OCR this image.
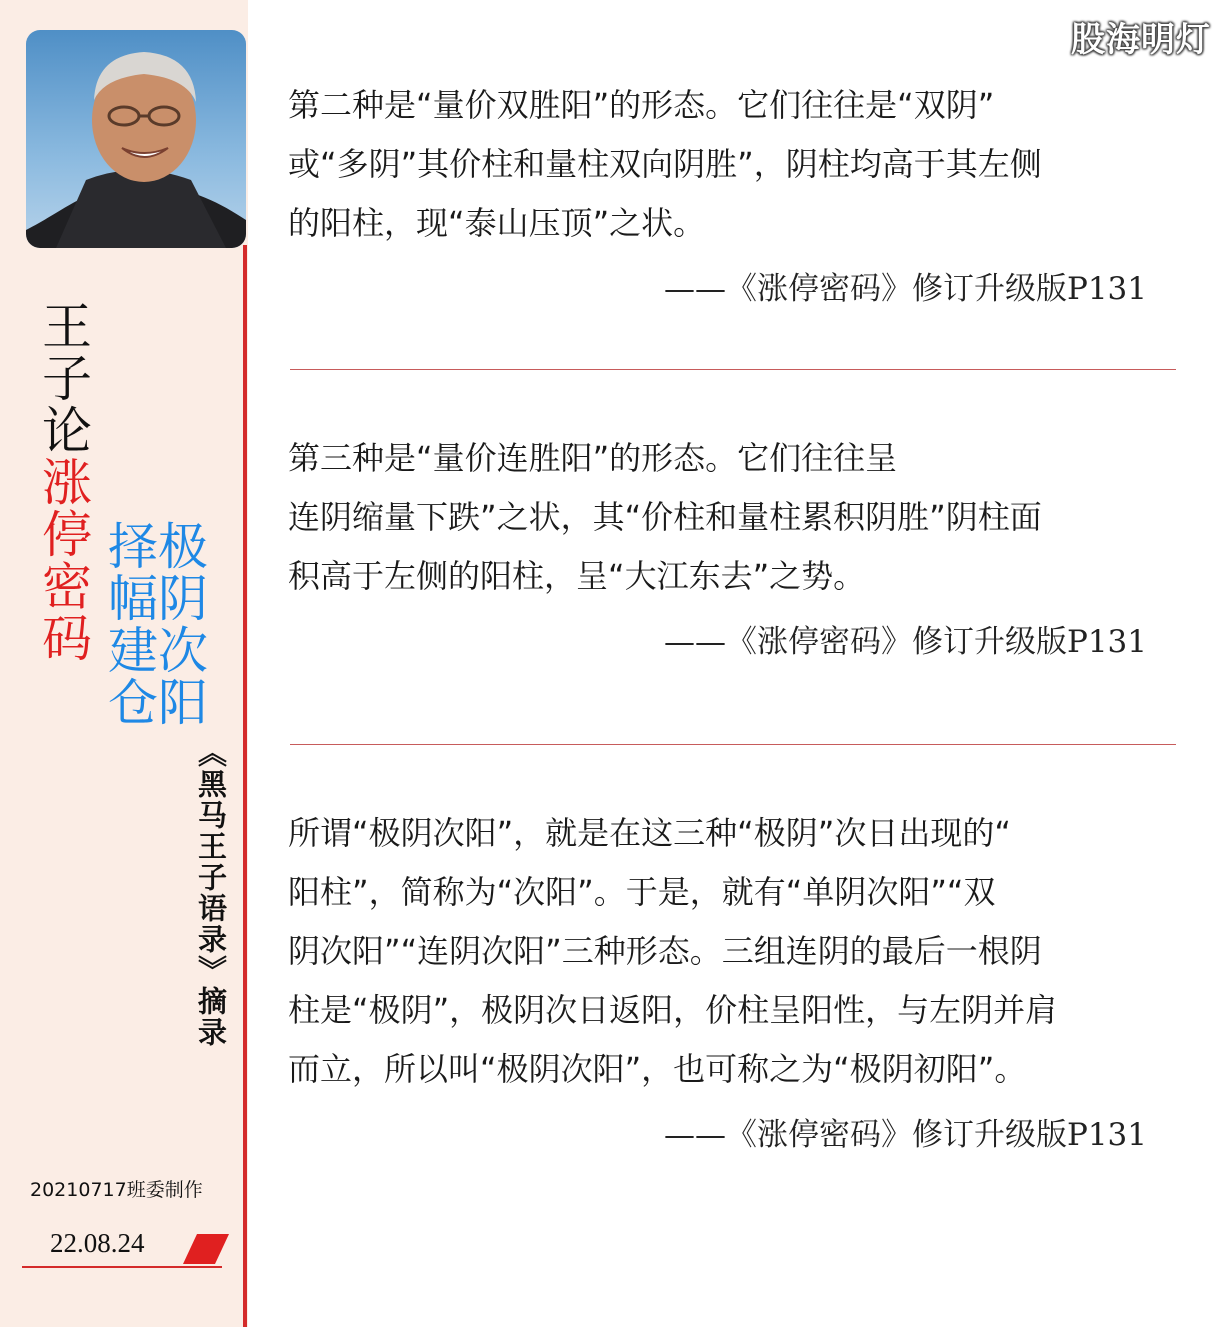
王子论涨停密码	极阴次阳
择幅建仓
《黑马王子语录》摘录
20210717班委制作
22.08.24
股海明灯

第二种是“量价双胜阳”的形态。它们往往是“双阴”

或“多阴”其价柱和量柱双向阴胜”，阴柱均高于其左侧

的阳柱，现“泰山压顶”之状。

——《涨停密码》修订升级版P131

第三种是“量价连胜阳”的形态。它们往往呈

连阴缩量下跌”之状，其“价柱和量柱累积阴胜”阴柱面

积高于左侧的阳柱，呈“大江东去”之势。

——《涨停密码》修订升级版P131

所谓“极阴次阳”，就是在这三种“极阴”次日出现的“

阳柱”，简称为“次阳”。于是，就有“单阴次阳”“双

阴次阳”“连阴次阳”三种形态。三组连阴的最后一根阴

柱是“极阴”，极阴次日返阳，价柱呈阳性，与左阴并肩

而立，所以叫“极阴次阳”，也可称之为“极阴初阳”。

——《涨停密码》修订升级版P131
